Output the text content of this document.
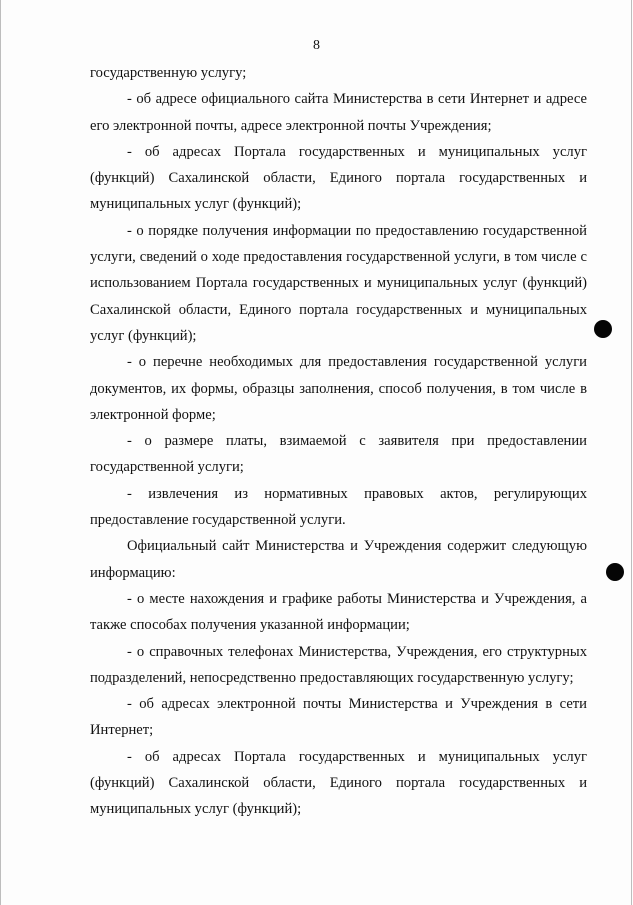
8

государственную услугу;

- об адресе официального сайта Министерства в сети Интернет и адресе его электронной почты, адресе электронной почты Учреждения;

- об адресах Портала государственных и муниципальных услуг (функций) Сахалинской области, Единого портала государственных и муниципальных услуг (функций);

- о порядке получения информации по предоставлению государственной услуги, сведений о ходе предоставления государственной услуги, в том числе с использованием Портала государственных и муниципальных услуг (функций) Сахалинской области, Единого портала государственных и муниципальных услуг (функций);

- о перечне необходимых для предоставления государственной услуги документов, их формы, образцы заполнения, способ получения, в том числе в электронной форме;

- о размере платы, взимаемой с заявителя при предоставлении государственной услуги;

- извлечения из нормативных правовых актов, регулирующих предоставление государственной услуги.

Официальный сайт Министерства и Учреждения содержит следующую информацию:

- о месте нахождения и графике работы Министерства и Учреждения, а также способах получения указанной информации;

- о справочных телефонах Министерства, Учреждения, его структурных подразделений, непосредственно предоставляющих государственную услугу;

- об адресах электронной почты Министерства и Учреждения в сети Интернет;

- об адресах Портала государственных и муниципальных услуг (функций) Сахалинской области, Единого портала государственных и муниципальных услуг (функций);
